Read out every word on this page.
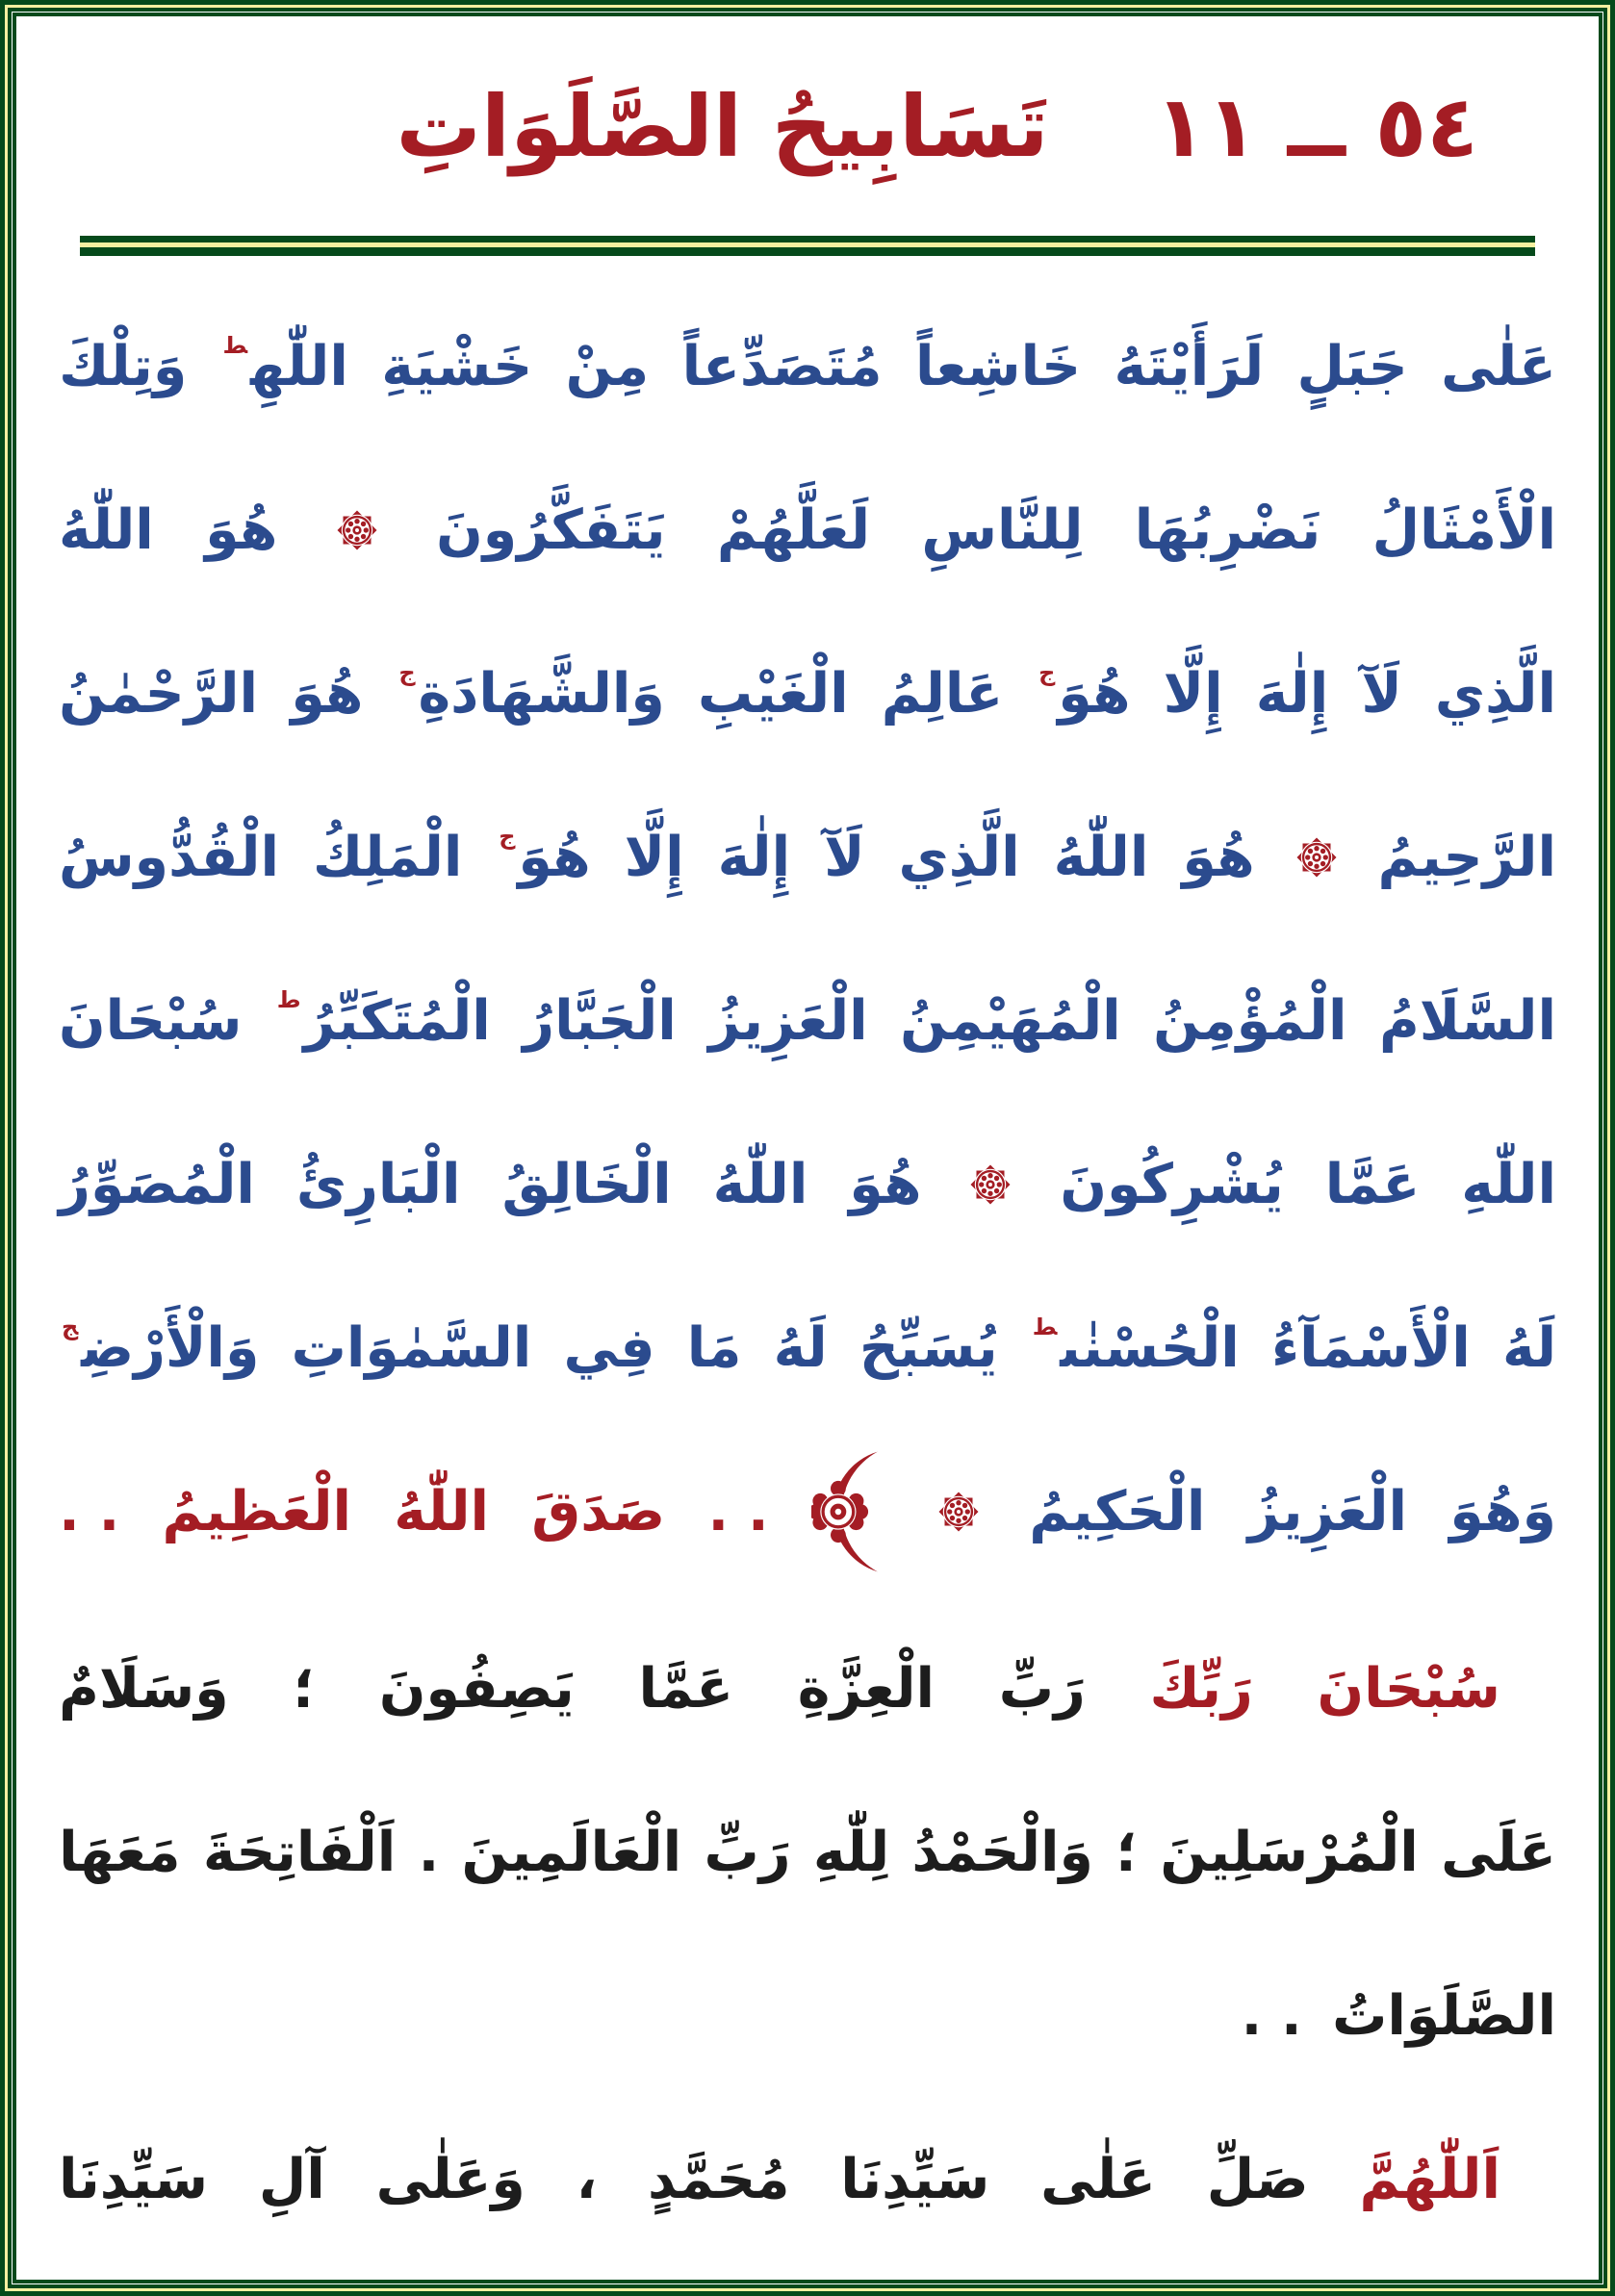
٥٤ ــ ١١
تَسَابِيحُ الصَّلَوَاتِ
عَلٰى
جَبَلٍ
لَرَأَيْتَهُ
خَاشِعاً
مُتَصَدِّعاً
مِنْ
خَشْيَةِ
اللّٰهِ$^ط$
وَتِلْكَ
الْأَمْثَالُ
نَضْرِبُهَا
لِلنَّاسِ
لَعَلَّهُمْ
يَتَفَكَّرُونَ
هُوَ
اللّٰهُ
الَّذِي
لَآ
إِلٰهَ
إِلَّا
هُوَ$^ج$
عَالِمُ
الْغَيْبِ
وَالشَّهَادَةِ$^ج$
هُوَ
الرَّحْمٰنُ
الرَّحِيمُ
هُوَ
اللّٰهُ
الَّذِي
لَآ
إِلٰهَ
إِلَّا
هُوَ$^ج$
الْمَلِكُ
الْقُدُّوسُ
السَّلَامُ
الْمُؤْمِنُ
الْمُهَيْمِنُ
الْعَزِيزُ
الْجَبَّارُ
الْمُتَكَبِّرُ$^ط$
سُبْحَانَ
اللّٰهِ
عَمَّا
يُشْرِكُونَ
هُوَ
اللّٰهُ
الْخَالِقُ
الْبَارِئُ
الْمُصَوِّرُ
لَهُ
الْأَسْمَآءُ
الْحُسْنٰى$^ط$
يُسَبِّحُ
لَهُ
مَا
فِي
السَّمٰوَاتِ
وَالْأَرْضِ$^ج$
وَهُوَ
الْعَزِيزُ
الْحَكِيمُ
. .
صَدَقَ
اللّٰهُ
الْعَظِيمُ
. .
سُبْحَانَ
رَبِّكَ
رَبِّ
الْعِزَّةِ
عَمَّا
يَصِفُونَ
؛
وَسَلَامٌ
عَلَى
الْمُرْسَلِينَ
؛
وَالْحَمْدُ
لِلّٰهِ
رَبِّ
الْعَالَمِينَ
.
اَلْفَاتِحَةَ
مَعَهَا
الصَّلَوَاتُ
. .
اَللّٰهُمَّ
صَلِّ
عَلٰى
سَيِّدِنَا
مُحَمَّدٍ
،
وَعَلٰى
آلِ
سَيِّدِنَا
